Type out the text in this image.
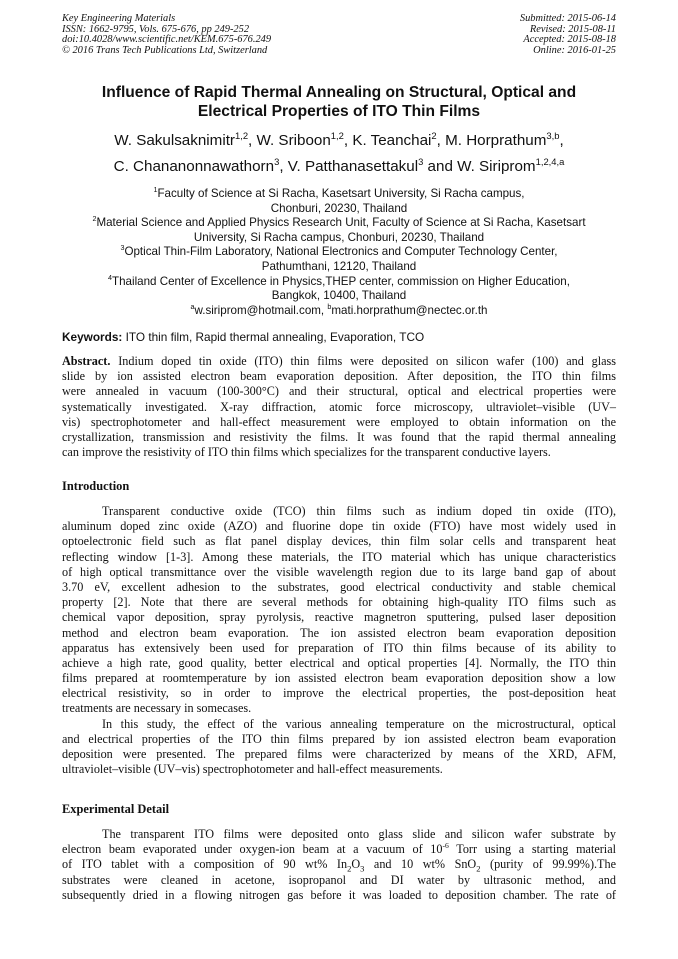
Key Engineering Materials
ISSN: 1662-9795, Vols. 675-676, pp 249-252
doi:10.4028/www.scientific.net/KEM.675-676.249
© 2016 Trans Tech Publications Ltd, Switzerland
Submitted: 2015-06-14
Revised: 2015-08-11
Accepted: 2015-08-18
Online: 2016-01-25
Influence of Rapid Thermal Annealing on Structural, Optical and
Electrical Properties of ITO Thin Films
W. Sakulsaknimitr$^{1,2}$, W. Sriboon$^{1,2}$, K. Teanchai$^2$, M. Horprathum$^{3,b}$,
C. Chananonnawathorn$^3$, V. Patthanasettakul$^3$ and W. Siriprom$^{1,2,4,a}$
$^1$Faculty of Science at Si Racha, Kasetsart University, Si Racha campus,
Chonburi, 20230, Thailand
$^2$Material Science and Applied Physics Research Unit, Faculty of Science at Si Racha, Kasetsart
University, Si Racha campus, Chonburi, 20230, Thailand
$^3$Optical Thin-Film Laboratory, National Electronics and Computer Technology Center,
Pathumthani, 12120, Thailand
$^4$Thailand Center of Excellence in Physics,THEP center, commission on Higher Education,
Bangkok, 10400, Thailand
$^a$w.siriprom@hotmail.com, $^b$mati.horprathum@nectec.or.th
Keywords: ITO thin film, Rapid thermal annealing, Evaporation, TCO
Abstract. Indium doped tin oxide (ITO) thin films were deposited on silicon wafer (100) and glass
slide by ion assisted electron beam evaporation deposition. After deposition, the ITO thin films
were annealed in vacuum (100-300°C) and their structural, optical and electrical properties were
systematically investigated. X-ray diffraction, atomic force microscopy, ultraviolet–visible (UV–
vis) spectrophotometer and hall-effect measurement were employed to obtain information on the
crystallization, transmission and resistivity the films. It was found that the rapid thermal annealing
can improve the resistivity of ITO thin films which specializes for the transparent conductive layers.
Introduction
Transparent conductive oxide (TCO) thin films such as indium doped tin oxide (ITO),
aluminum doped zinc oxide (AZO) and fluorine dope tin oxide (FTO) have most widely used in
optoelectronic field such as flat panel display devices, thin film solar cells and transparent heat
reflecting window [1-3]. Among these materials, the ITO material which has unique characteristics
of high optical transmittance over the visible wavelength region due to its large band gap of about
3.70 eV, excellent adhesion to the substrates, good electrical conductivity and stable chemical
property [2]. Note that there are several methods for obtaining high-quality ITO films such as
chemical vapor deposition, spray pyrolysis, reactive magnetron sputtering, pulsed laser deposition
method and electron beam evaporation. The ion assisted electron beam evaporation deposition
apparatus has extensively been used for preparation of ITO thin films because of its ability to
achieve a high rate, good quality, better electrical and optical properties [4]. Normally, the ITO thin
films prepared at roomtemperature by ion assisted electron beam evaporation deposition show a low
electrical resistivity, so in order to improve the electrical properties, the post-deposition heat
treatments are necessary in somecases.
In this study, the effect of the various annealing temperature on the microstructural, optical
and electrical properties of the ITO thin films prepared by ion assisted electron beam evaporation
deposition were presented. The prepared films were characterized by means of the XRD, AFM,
ultraviolet–visible (UV–vis) spectrophotometer and hall-effect measurements.
Experimental Detail
The transparent ITO films were deposited onto glass slide and silicon wafer substrate by
electron beam evaporated under oxygen-ion beam at a vacuum of $10^{-6}$ Torr using a starting material
of ITO tablet with a composition of 90 wt% $In_2O_3$ and 10 wt% SnO$_2$ (purity of 99.99%).The
substrates were cleaned in acetone, isopropanol and DI water by ultrasonic method, and
subsequently dried in a flowing nitrogen gas before it was loaded to deposition chamber. The rate of
